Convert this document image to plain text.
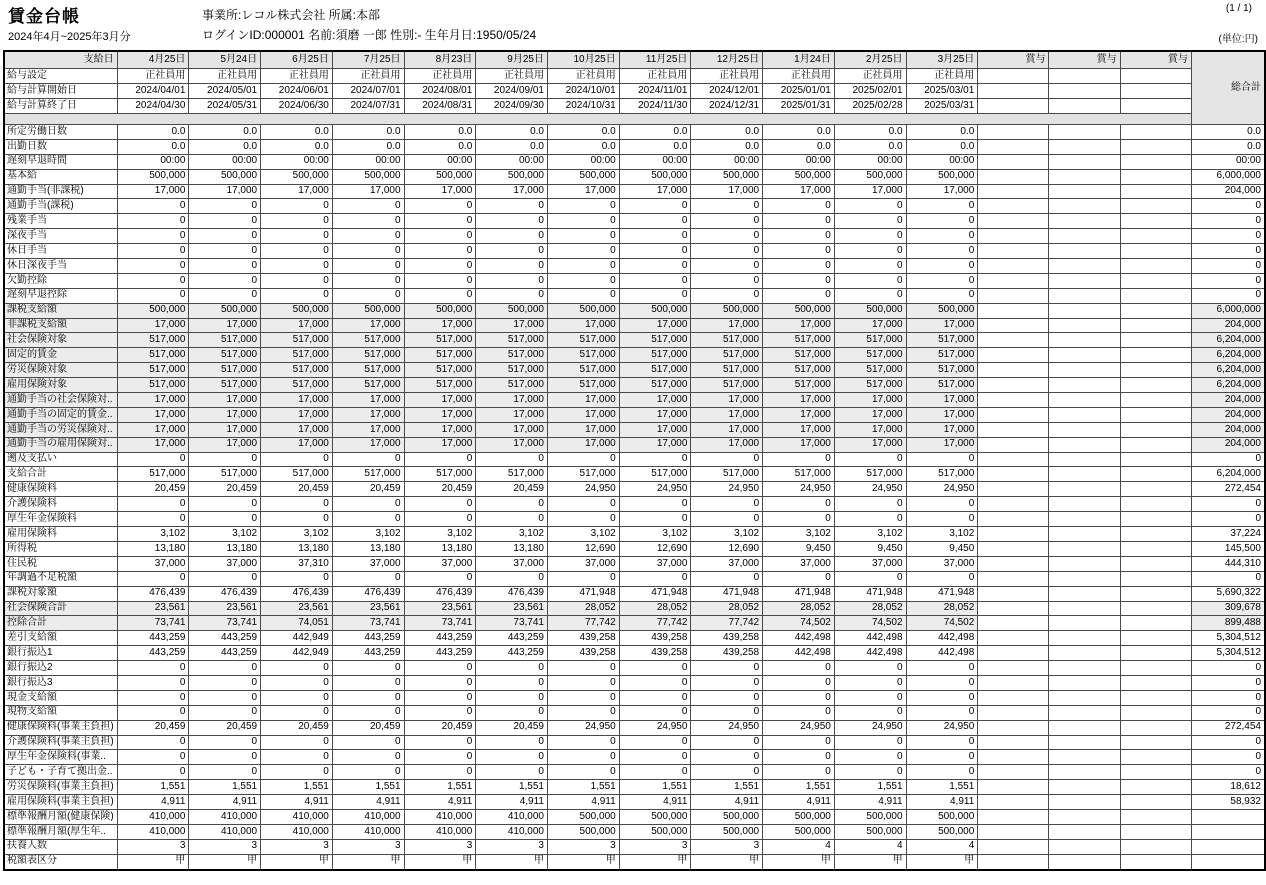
賃金台帳
2024年4月~2025年3月分
事業所:レコル株式会社 所属:本部
ログインID:000001 名前:須磨 一郎 性別:- 生年月日:1950/05/24
(1 / 1)
(単位:円)
支給日	4月25日	5月24日	6月25日	7月25日	8月23日	9月25日	10月25日	11月25日	12月25日	1月24日	2月25日	3月25日	賞与	賞与	賞与	総合計
給与設定	正社員用	正社員用	正社員用	正社員用	正社員用	正社員用	正社員用	正社員用	正社員用	正社員用	正社員用	正社員用				
給与計算開始日	2024/04/01	2024/05/01	2024/06/01	2024/07/01	2024/08/01	2024/09/01	2024/10/01	2024/11/01	2024/12/01	2025/01/01	2025/02/01	2025/03/01				
給与計算終了日	2024/04/30	2024/05/31	2024/06/30	2024/07/31	2024/08/31	2024/09/30	2024/10/31	2024/11/30	2024/12/31	2025/01/31	2025/02/28	2025/03/31				

所定労働日数	0.0	0.0	0.0	0.0	0.0	0.0	0.0	0.0	0.0	0.0	0.0	0.0				0.0
出勤日数	0.0	0.0	0.0	0.0	0.0	0.0	0.0	0.0	0.0	0.0	0.0	0.0				0.0
遅刻早退時間	00:00	00:00	00:00	00:00	00:00	00:00	00:00	00:00	00:00	00:00	00:00	00:00				00:00
基本給	500,000	500,000	500,000	500,000	500,000	500,000	500,000	500,000	500,000	500,000	500,000	500,000				6,000,000
通勤手当(非課税)	17,000	17,000	17,000	17,000	17,000	17,000	17,000	17,000	17,000	17,000	17,000	17,000				204,000
通勤手当(課税)	0	0	0	0	0	0	0	0	0	0	0	0				0
残業手当	0	0	0	0	0	0	0	0	0	0	0	0				0
深夜手当	0	0	0	0	0	0	0	0	0	0	0	0				0
休日手当	0	0	0	0	0	0	0	0	0	0	0	0				0
休日深夜手当	0	0	0	0	0	0	0	0	0	0	0	0				0
欠勤控除	0	0	0	0	0	0	0	0	0	0	0	0				0
遅刻早退控除	0	0	0	0	0	0	0	0	0	0	0	0				0
課税支給額	500,000	500,000	500,000	500,000	500,000	500,000	500,000	500,000	500,000	500,000	500,000	500,000				6,000,000
非課税支給額	17,000	17,000	17,000	17,000	17,000	17,000	17,000	17,000	17,000	17,000	17,000	17,000				204,000
社会保険対象	517,000	517,000	517,000	517,000	517,000	517,000	517,000	517,000	517,000	517,000	517,000	517,000				6,204,000
固定的賃金	517,000	517,000	517,000	517,000	517,000	517,000	517,000	517,000	517,000	517,000	517,000	517,000				6,204,000
労災保険対象	517,000	517,000	517,000	517,000	517,000	517,000	517,000	517,000	517,000	517,000	517,000	517,000				6,204,000
雇用保険対象	517,000	517,000	517,000	517,000	517,000	517,000	517,000	517,000	517,000	517,000	517,000	517,000				6,204,000
通勤手当の社会保険対..	17,000	17,000	17,000	17,000	17,000	17,000	17,000	17,000	17,000	17,000	17,000	17,000				204,000
通勤手当の固定的賃金..	17,000	17,000	17,000	17,000	17,000	17,000	17,000	17,000	17,000	17,000	17,000	17,000				204,000
通勤手当の労災保険対..	17,000	17,000	17,000	17,000	17,000	17,000	17,000	17,000	17,000	17,000	17,000	17,000				204,000
通勤手当の雇用保険対..	17,000	17,000	17,000	17,000	17,000	17,000	17,000	17,000	17,000	17,000	17,000	17,000				204,000
遡及支払い	0	0	0	0	0	0	0	0	0	0	0	0				0
支給合計	517,000	517,000	517,000	517,000	517,000	517,000	517,000	517,000	517,000	517,000	517,000	517,000				6,204,000
健康保険料	20,459	20,459	20,459	20,459	20,459	20,459	24,950	24,950	24,950	24,950	24,950	24,950				272,454
介護保険料	0	0	0	0	0	0	0	0	0	0	0	0				0
厚生年金保険料	0	0	0	0	0	0	0	0	0	0	0	0				0
雇用保険料	3,102	3,102	3,102	3,102	3,102	3,102	3,102	3,102	3,102	3,102	3,102	3,102				37,224
所得税	13,180	13,180	13,180	13,180	13,180	13,180	12,690	12,690	12,690	9,450	9,450	9,450				145,500
住民税	37,000	37,000	37,310	37,000	37,000	37,000	37,000	37,000	37,000	37,000	37,000	37,000				444,310
年調過不足税額	0	0	0	0	0	0	0	0	0	0	0	0				0
課税対象額	476,439	476,439	476,439	476,439	476,439	476,439	471,948	471,948	471,948	471,948	471,948	471,948				5,690,322
社会保険合計	23,561	23,561	23,561	23,561	23,561	23,561	28,052	28,052	28,052	28,052	28,052	28,052				309,678
控除合計	73,741	73,741	74,051	73,741	73,741	73,741	77,742	77,742	77,742	74,502	74,502	74,502				899,488
差引支給額	443,259	443,259	442,949	443,259	443,259	443,259	439,258	439,258	439,258	442,498	442,498	442,498				5,304,512
銀行振込1	443,259	443,259	442,949	443,259	443,259	443,259	439,258	439,258	439,258	442,498	442,498	442,498				5,304,512
銀行振込2	0	0	0	0	0	0	0	0	0	0	0	0				0
銀行振込3	0	0	0	0	0	0	0	0	0	0	0	0				0
現金支給額	0	0	0	0	0	0	0	0	0	0	0	0				0
現物支給額	0	0	0	0	0	0	0	0	0	0	0	0				0
健康保険料(事業主負担)	20,459	20,459	20,459	20,459	20,459	20,459	24,950	24,950	24,950	24,950	24,950	24,950				272,454
介護保険料(事業主負担)	0	0	0	0	0	0	0	0	0	0	0	0				0
厚生年金保険料(事業..	0	0	0	0	0	0	0	0	0	0	0	0				0
子ども・子育て拠出金..	0	0	0	0	0	0	0	0	0	0	0	0				0
労災保険料(事業主負担)	1,551	1,551	1,551	1,551	1,551	1,551	1,551	1,551	1,551	1,551	1,551	1,551				18,612
雇用保険料(事業主負担)	4,911	4,911	4,911	4,911	4,911	4,911	4,911	4,911	4,911	4,911	4,911	4,911				58,932
標準報酬月額(健康保険)	410,000	410,000	410,000	410,000	410,000	410,000	500,000	500,000	500,000	500,000	500,000	500,000				
標準報酬月額(厚生年..	410,000	410,000	410,000	410,000	410,000	410,000	500,000	500,000	500,000	500,000	500,000	500,000				
扶養人数	3	3	3	3	3	3	3	3	3	4	4	4				
税額表区分	甲	甲	甲	甲	甲	甲	甲	甲	甲	甲	甲	甲				
